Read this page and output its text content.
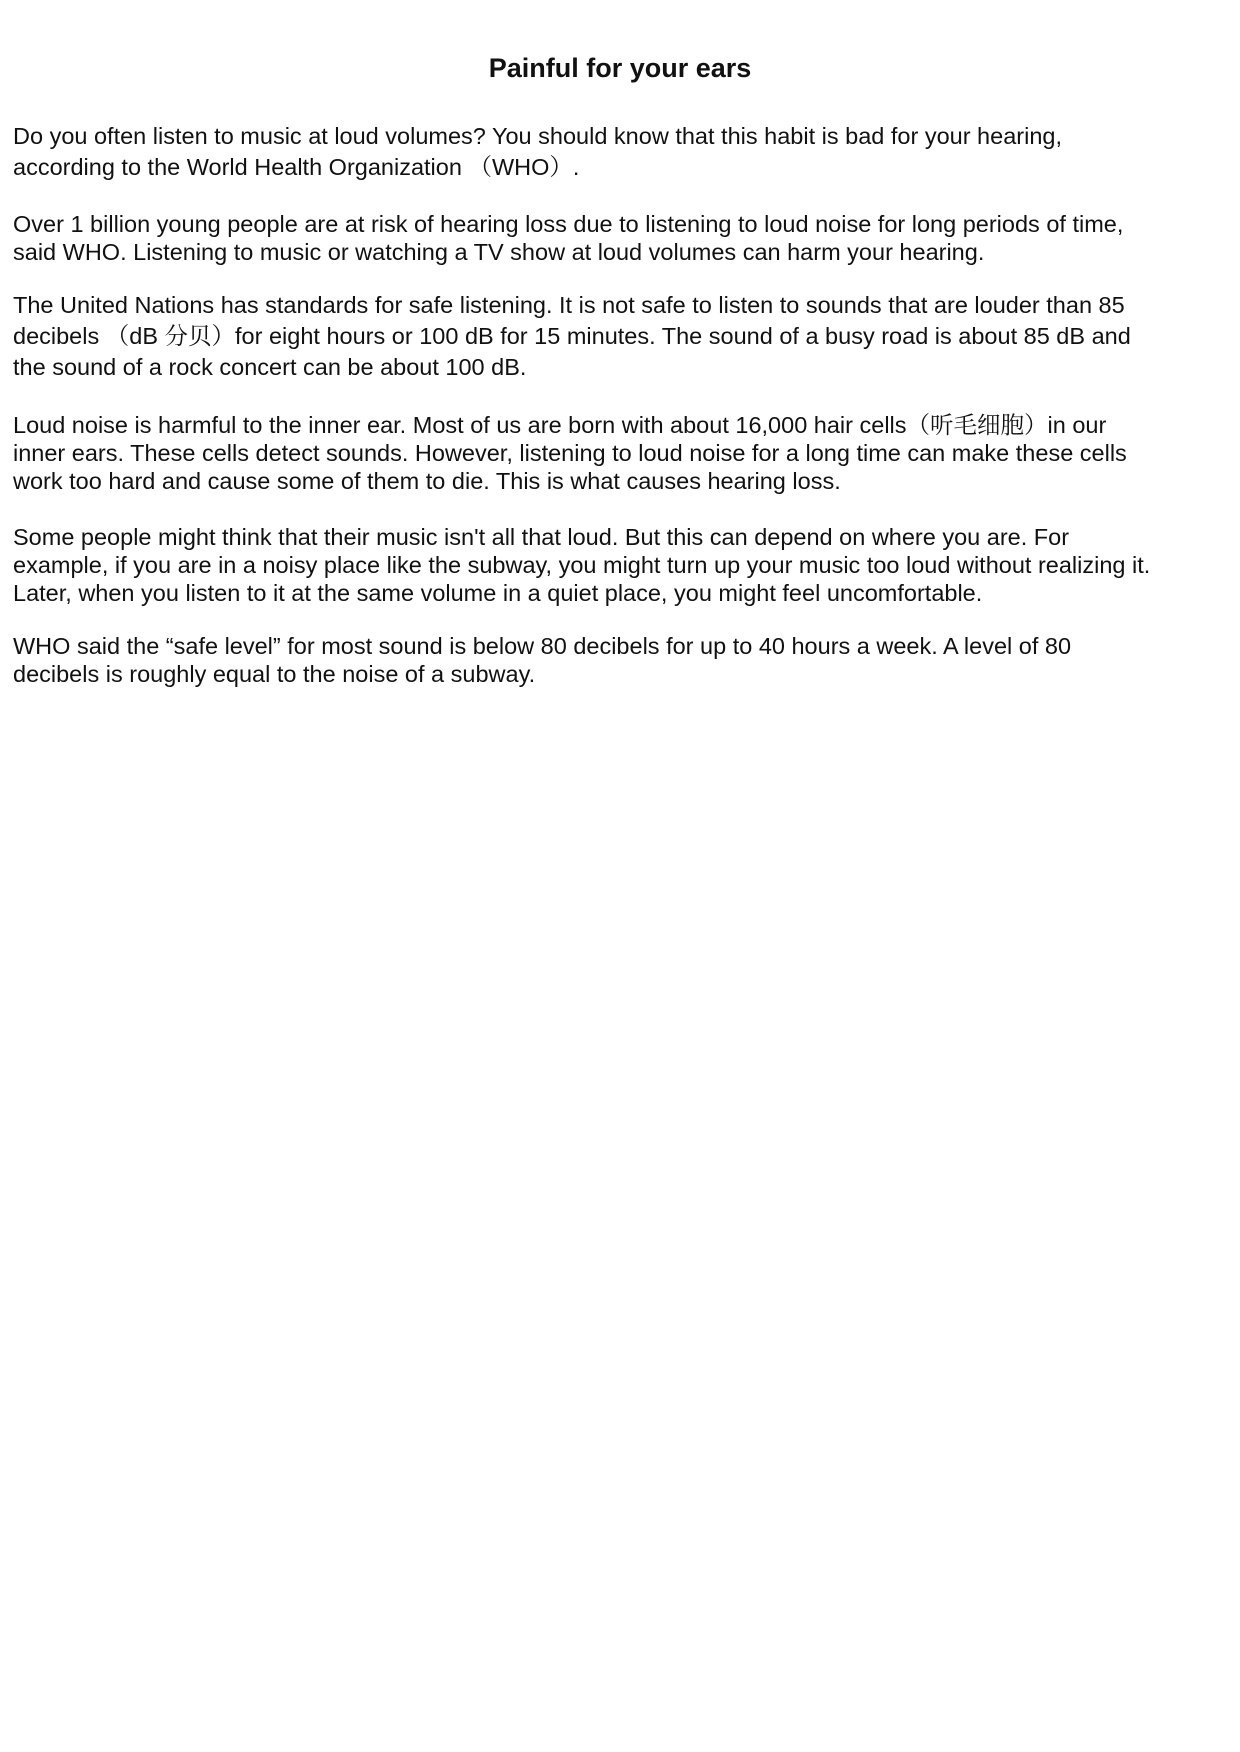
Painful for your ears

Do you often listen to music at loud volumes? You should know that this habit is bad for your hearing,
according to the World Health Organization （WHO）.

Over 1 billion young people are at risk of hearing loss due to listening to loud noise for long periods of time,
said WHO. Listening to music or watching a TV show at loud volumes can harm your hearing.

The United Nations has standards for safe listening. It is not safe to listen to sounds that are louder than 85
decibels （dB 分贝）for eight hours or 100 dB for 15 minutes. The sound of a busy road is about 85 dB and
the sound of a rock concert can be about 100 dB.

Loud noise is harmful to the inner ear. Most of us are born with about 16,000 hair cells（听毛细胞）in our
inner ears. These cells detect sounds. However, listening to loud noise for a long time can make these cells
work too hard and cause some of them to die. This is what causes hearing loss.

Some people might think that their music isn't all that loud. But this can depend on where you are. For
example, if you are in a noisy place like the subway, you might turn up your music too loud without realizing it.
Later, when you listen to it at the same volume in a quiet place, you might feel uncomfortable.

WHO said the “safe level” for most sound is below 80 decibels for up to 40 hours a week. A level of 80
decibels is roughly equal to the noise of a subway.
